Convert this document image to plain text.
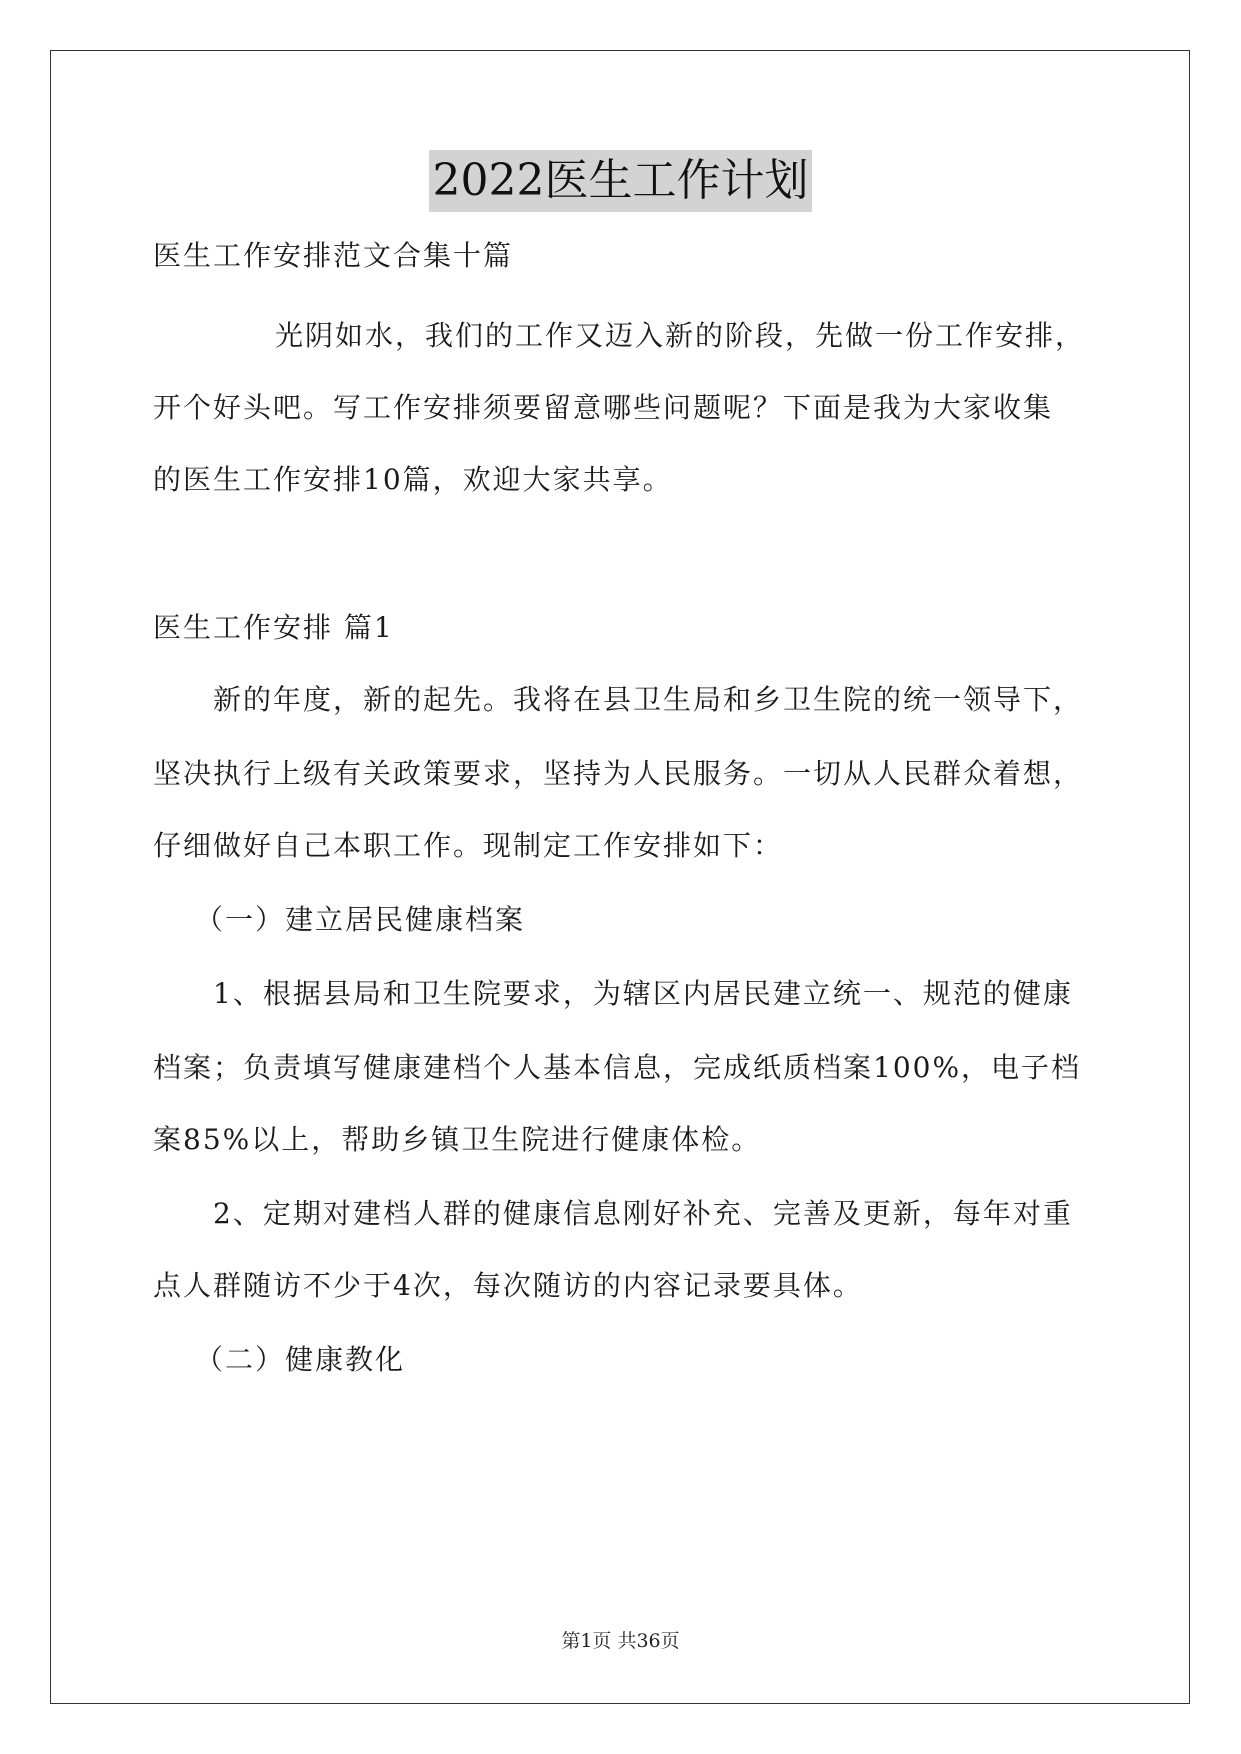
2022医生工作计划
医生工作安排范文合集十篇
光阴如水，我们的工作又迈入新的阶段，先做一份工作安排，
开个好头吧。写工作安排须要留意哪些问题呢？下面是我为大家收集
的医生工作安排10篇，欢迎大家共享。
医生工作安排 篇1
新的年度，新的起先。我将在县卫生局和乡卫生院的统一领导下，
坚决执行上级有关政策要求，坚持为人民服务。一切从人民群众着想，
仔细做好自己本职工作。现制定工作安排如下：
（一）建立居民健康档案
1、根据县局和卫生院要求，为辖区内居民建立统一、规范的健康
档案；负责填写健康建档个人基本信息，完成纸质档案100%，电子档
案85%以上，帮助乡镇卫生院进行健康体检。
2、定期对建档人群的健康信息刚好补充、完善及更新，每年对重
点人群随访不少于4次，每次随访的内容记录要具体。
（二）健康教化
第1页 共36页
